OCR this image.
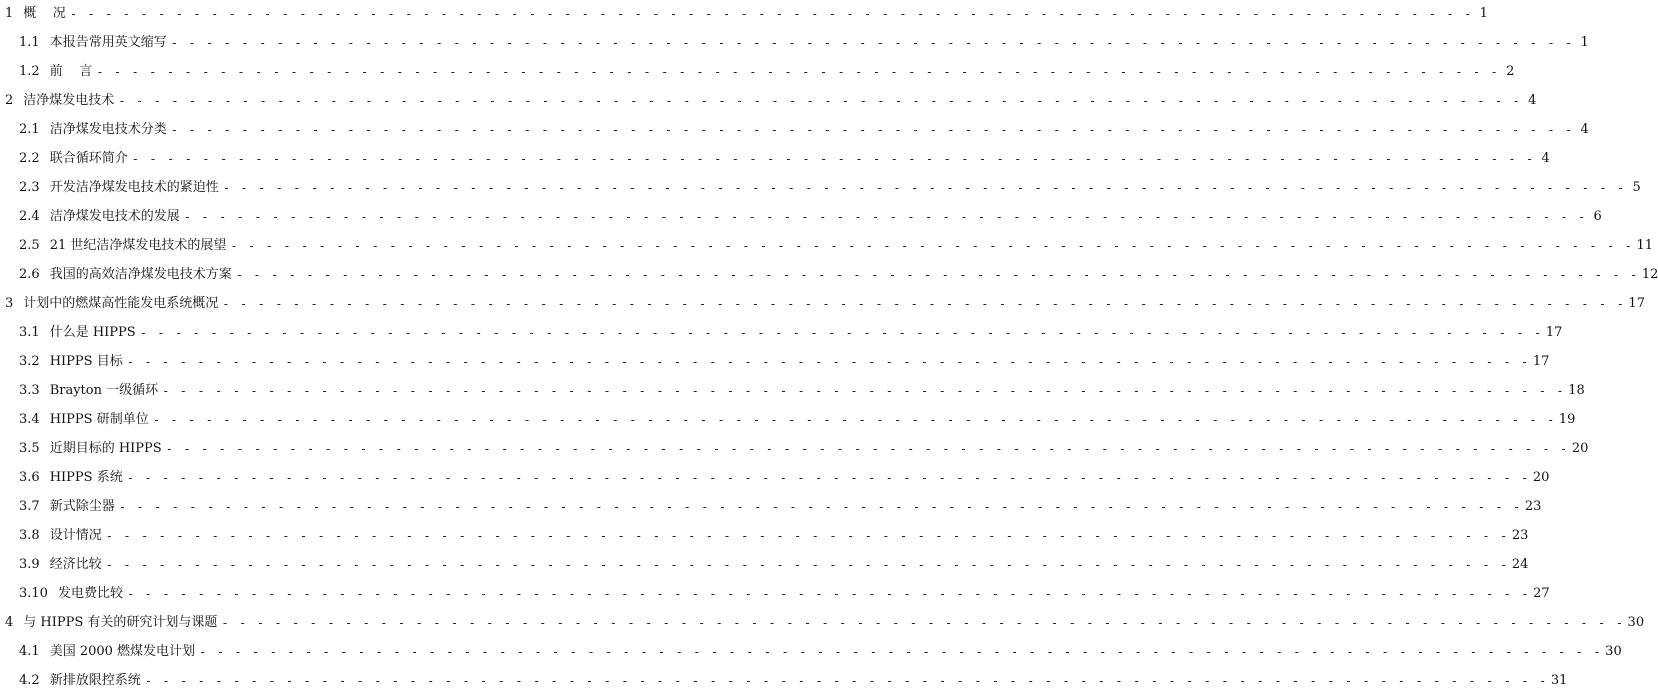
1 概    况 - - - - - - - - - - - - - - - - - - - - - - - - - - - - - - - - - - - - - - - - - - - - - - - - - - - - - - - - - - - - - - - - - - - - - - - - - - - - - - - - 1
1.1 本报告常用英文缩写 - - - - - - - - - - - - - - - - - - - - - - - - - - - - - - - - - - - - - - - - - - - - - - - - - - - - - - - - - - - - - - - - - - - - - - - - - - - - - - - - 1
1.2 前    言 - - - - - - - - - - - - - - - - - - - - - - - - - - - - - - - - - - - - - - - - - - - - - - - - - - - - - - - - - - - - - - - - - - - - - - - - - - - - - - - - 2
2 洁净煤发电技术 - - - - - - - - - - - - - - - - - - - - - - - - - - - - - - - - - - - - - - - - - - - - - - - - - - - - - - - - - - - - - - - - - - - - - - - - - - - - - - - - 4
2.1 洁净煤发电技术分类 - - - - - - - - - - - - - - - - - - - - - - - - - - - - - - - - - - - - - - - - - - - - - - - - - - - - - - - - - - - - - - - - - - - - - - - - - - - - - - - - 4
2.2 联合循环简介 - - - - - - - - - - - - - - - - - - - - - - - - - - - - - - - - - - - - - - - - - - - - - - - - - - - - - - - - - - - - - - - - - - - - - - - - - - - - - - - - 4
2.3 开发洁净煤发电技术的紧迫性 - - - - - - - - - - - - - - - - - - - - - - - - - - - - - - - - - - - - - - - - - - - - - - - - - - - - - - - - - - - - - - - - - - - - - - - - - - - - - - - - 5
2.4 洁净煤发电技术的发展 - - - - - - - - - - - - - - - - - - - - - - - - - - - - - - - - - - - - - - - - - - - - - - - - - - - - - - - - - - - - - - - - - - - - - - - - - - - - - - - - 6
2.5 21 世纪洁净煤发电技术的展望 - - - - - - - - - - - - - - - - - - - - - - - - - - - - - - - - - - - - - - - - - - - - - - - - - - - - - - - - - - - - - - - - - - - - - - - - - - - - - - - - 11
2.6 我国的高效洁净煤发电技术方案 - - - - - - - - - - - - - - - - - - - - - - - - - - - - - - - - - - - - - - - - - - - - - - - - - - - - - - - - - - - - - - - - - - - - - - - - - - - - - - - - 12
3 计划中的燃煤高性能发电系统概况 - - - - - - - - - - - - - - - - - - - - - - - - - - - - - - - - - - - - - - - - - - - - - - - - - - - - - - - - - - - - - - - - - - - - - - - - - - - - - - - - 17
3.1 什么是 HIPPS - - - - - - - - - - - - - - - - - - - - - - - - - - - - - - - - - - - - - - - - - - - - - - - - - - - - - - - - - - - - - - - - - - - - - - - - - - - - - - - - 17
3.2 HIPPS 目标 - - - - - - - - - - - - - - - - - - - - - - - - - - - - - - - - - - - - - - - - - - - - - - - - - - - - - - - - - - - - - - - - - - - - - - - - - - - - - - - - 17
3.3 Brayton 一级循环 - - - - - - - - - - - - - - - - - - - - - - - - - - - - - - - - - - - - - - - - - - - - - - - - - - - - - - - - - - - - - - - - - - - - - - - - - - - - - - - - 18
3.4 HIPPS 研制单位 - - - - - - - - - - - - - - - - - - - - - - - - - - - - - - - - - - - - - - - - - - - - - - - - - - - - - - - - - - - - - - - - - - - - - - - - - - - - - - - - 19
3.5 近期目标的 HIPPS - - - - - - - - - - - - - - - - - - - - - - - - - - - - - - - - - - - - - - - - - - - - - - - - - - - - - - - - - - - - - - - - - - - - - - - - - - - - - - - - 20
3.6 HIPPS 系统 - - - - - - - - - - - - - - - - - - - - - - - - - - - - - - - - - - - - - - - - - - - - - - - - - - - - - - - - - - - - - - - - - - - - - - - - - - - - - - - - 20
3.7 新式除尘器 - - - - - - - - - - - - - - - - - - - - - - - - - - - - - - - - - - - - - - - - - - - - - - - - - - - - - - - - - - - - - - - - - - - - - - - - - - - - - - - - 23
3.8 设计情况 - - - - - - - - - - - - - - - - - - - - - - - - - - - - - - - - - - - - - - - - - - - - - - - - - - - - - - - - - - - - - - - - - - - - - - - - - - - - - - - - 23
3.9 经济比较 - - - - - - - - - - - - - - - - - - - - - - - - - - - - - - - - - - - - - - - - - - - - - - - - - - - - - - - - - - - - - - - - - - - - - - - - - - - - - - - - 24
3.10 发电费比较 - - - - - - - - - - - - - - - - - - - - - - - - - - - - - - - - - - - - - - - - - - - - - - - - - - - - - - - - - - - - - - - - - - - - - - - - - - - - - - - - 27
4 与 HIPPS 有关的研究计划与课题 - - - - - - - - - - - - - - - - - - - - - - - - - - - - - - - - - - - - - - - - - - - - - - - - - - - - - - - - - - - - - - - - - - - - - - - - - - - - - - - - 30
4.1 美国 2000 燃煤发电计划 - - - - - - - - - - - - - - - - - - - - - - - - - - - - - - - - - - - - - - - - - - - - - - - - - - - - - - - - - - - - - - - - - - - - - - - - - - - - - - - - 30
4.2 新排放限控系统 - - - - - - - - - - - - - - - - - - - - - - - - - - - - - - - - - - - - - - - - - - - - - - - - - - - - - - - - - - - - - - - - - - - - - - - - - - - - - - - - 31
